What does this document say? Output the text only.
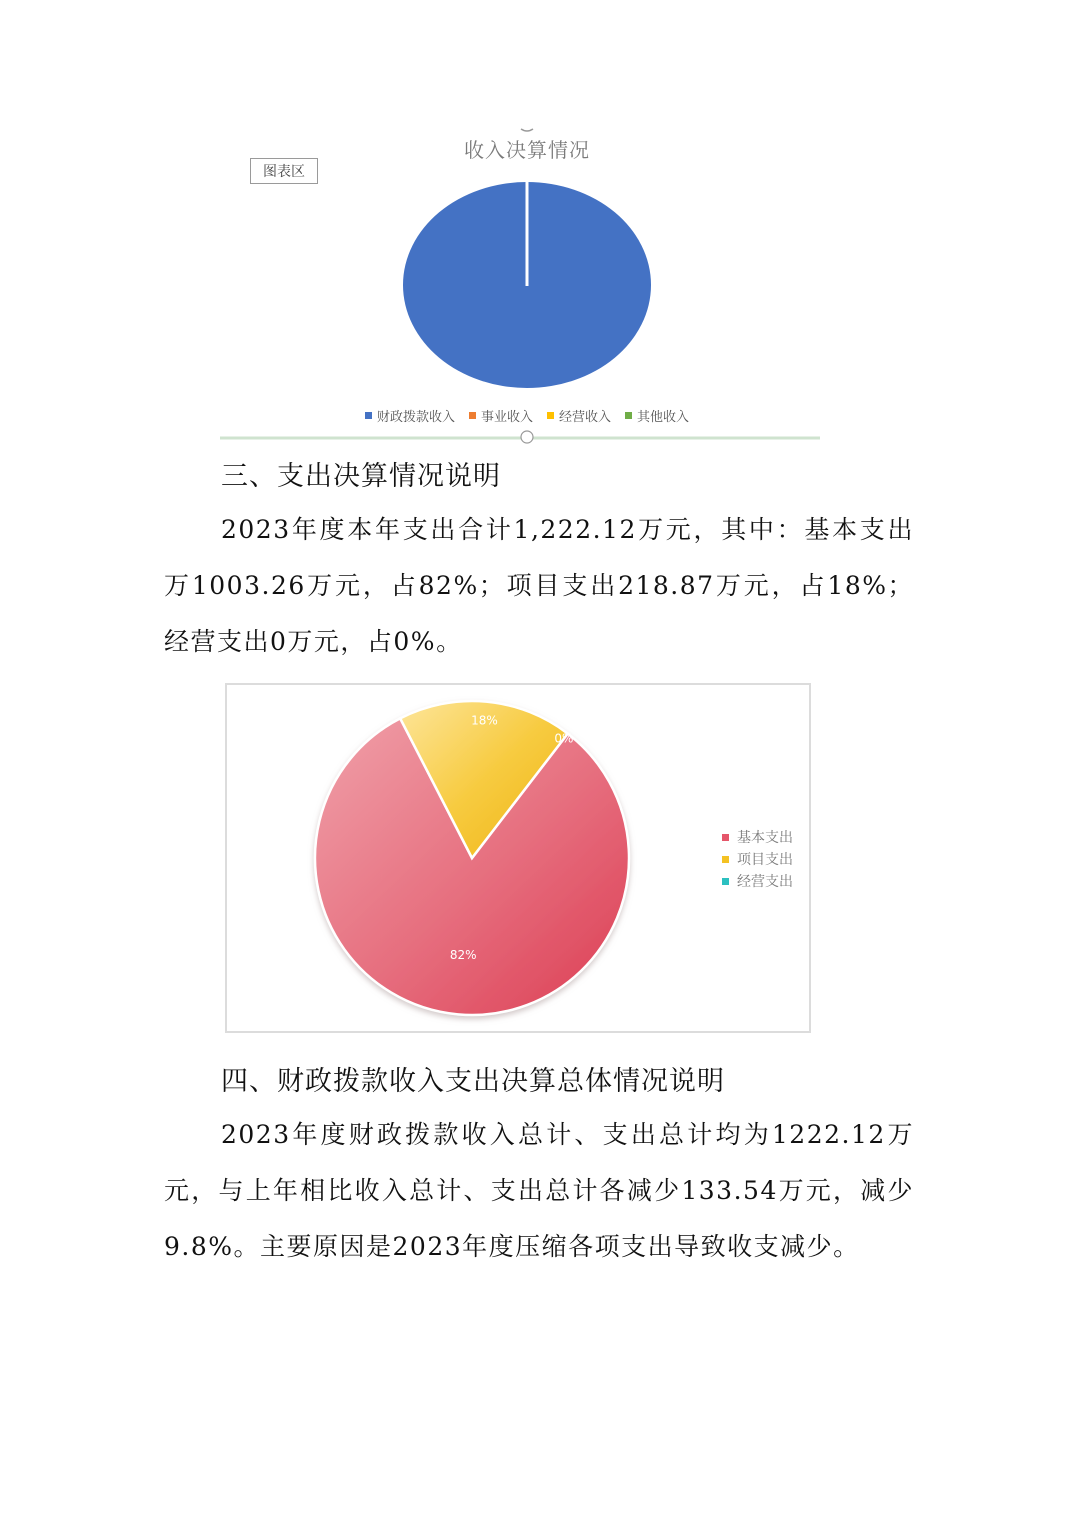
图表区
收入决算情况
财政拨款收入 事业收入 经营收入 其他收入
三、支出决算情况说明
2023年度本年支出合计1,222.12万元，其中：基本支出万1003.26万元，占82%；项目支出218.87万元，占18%；经营支出0万元，占0%。
82%
18%
0%
基本支出
项目支出
经营支出
四、财政拨款收入支出决算总体情况说明
2023年度财政拨款收入总计、支出总计均为1222.12万元，与上年相比收入总计、支出总计各减少133.54万元，减少9.8%。主要原因是2023年度压缩各项支出导致收支减少。
